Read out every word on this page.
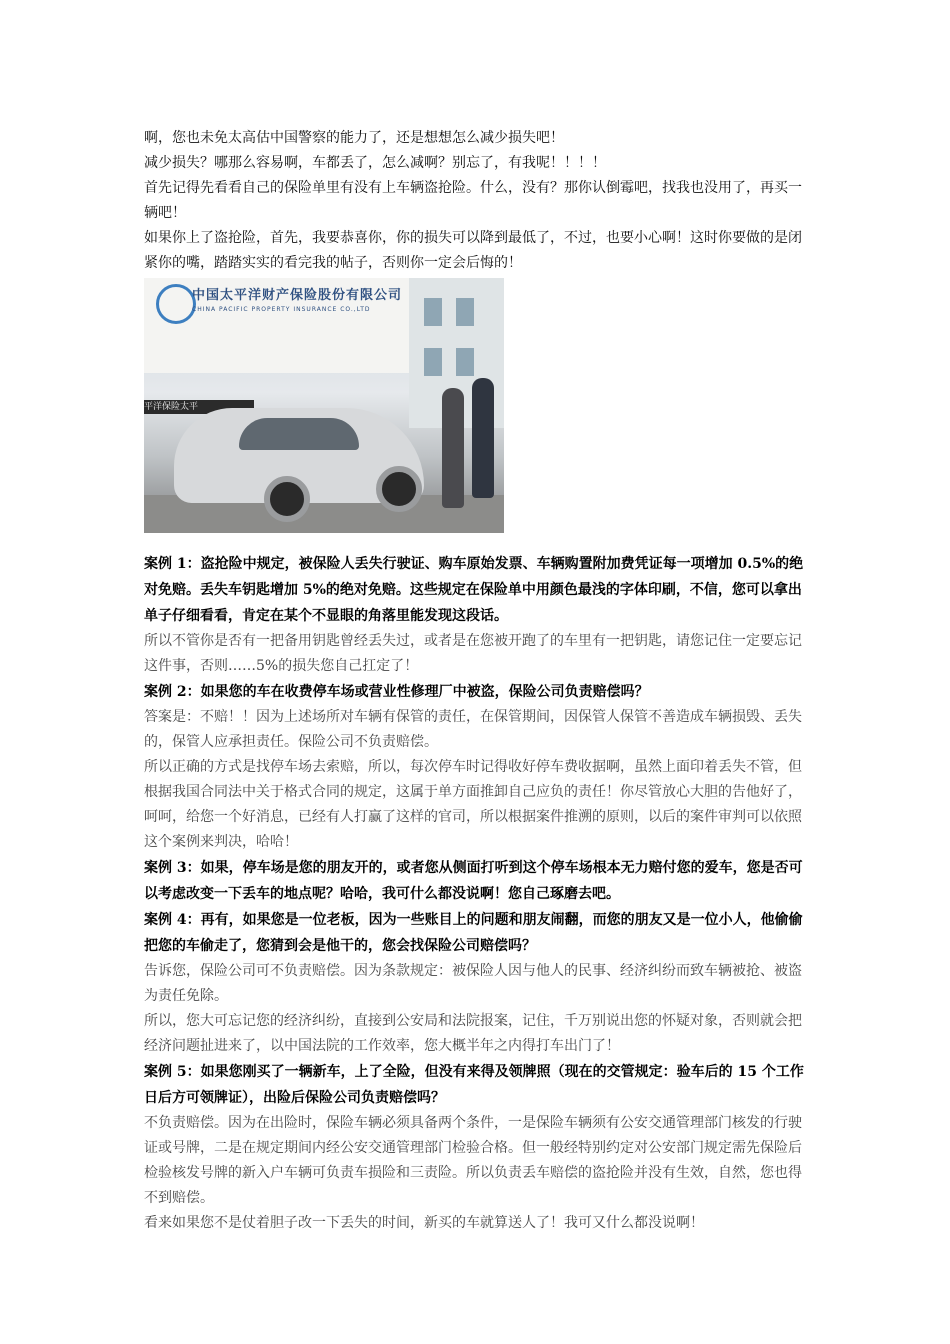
啊，您也未免太高估中国警察的能力了，还是想想怎么减少损失吧！

减少损失？哪那么容易啊，车都丢了，怎么减啊？别忘了，有我呢！！！！

首先记得先看看自己的保险单里有没有上车辆盗抢险。什么，没有？那你认倒霉吧，找我也没用了，再买一辆吧！

如果你上了盗抢险，首先，我要恭喜你，你的损失可以降到最低了，不过，也要小心啊！这时你要做的是闭紧你的嘴，踏踏实实的看完我的帖子，否则你一定会后悔的！

中国太平洋财产保险股份有限公司
CHINA PACIFIC PROPERTY INSURANCE CO.,LTD
平洋保险太平

案例 1：盗抢险中规定，被保险人丢失行驶证、购车原始发票、车辆购置附加费凭证每一项增加 0.5%的绝对免赔。丢失车钥匙增加 5%的绝对免赔。这些规定在保险单中用颜色最浅的字体印刷，不信，您可以拿出单子仔细看看，肯定在某个不显眼的角落里能发现这段话。

所以不管你是否有一把备用钥匙曾经丢失过，或者是在您被开跑了的车里有一把钥匙，请您记住一定要忘记这件事，否则……5%的损失您自己扛定了！

案例 2：如果您的车在收费停车场或营业性修理厂中被盗，保险公司负责赔偿吗？

答案是：不赔！！因为上述场所对车辆有保管的责任，在保管期间，因保管人保管不善造成车辆损毁、丢失的，保管人应承担责任。保险公司不负责赔偿。

所以正确的方式是找停车场去索赔，所以，每次停车时记得收好停车费收据啊，虽然上面印着丢失不管，但根据我国合同法中关于格式合同的规定，这属于单方面推卸自己应负的责任！你尽管放心大胆的告他好了，呵呵，给您一个好消息，已经有人打赢了这样的官司，所以根据案件推溯的原则，以后的案件审判可以依照这个案例来判决，哈哈！

案例 3：如果，停车场是您的朋友开的，或者您从侧面打听到这个停车场根本无力赔付您的爱车，您是否可以考虑改变一下丢车的地点呢？哈哈，我可什么都没说啊！您自己琢磨去吧。

案例 4：再有，如果您是一位老板，因为一些账目上的问题和朋友闹翻，而您的朋友又是一位小人，他偷偷把您的车偷走了，您猜到会是他干的，您会找保险公司赔偿吗？

告诉您，保险公司可不负责赔偿。因为条款规定：被保险人因与他人的民事、经济纠纷而致车辆被抢、被盗为责任免除。

所以，您大可忘记您的经济纠纷，直接到公安局和法院报案，记住，千万别说出您的怀疑对象，否则就会把经济问题扯进来了，以中国法院的工作效率，您大概半年之内得打车出门了！

案例 5：如果您刚买了一辆新车，上了全险，但没有来得及领牌照（现在的交管规定：验车后的 15 个工作日后方可领牌证），出险后保险公司负责赔偿吗？

不负责赔偿。因为在出险时，保险车辆必须具备两个条件，一是保险车辆须有公安交通管理部门核发的行驶证或号牌，二是在规定期间内经公安交通管理部门检验合格。但一般经特别约定对公安部门规定需先保险后检验核发号牌的新入户车辆可负责车损险和三责险。所以负责丢车赔偿的盗抢险并没有生效，自然，您也得不到赔偿。

看来如果您不是仗着胆子改一下丢失的时间，新买的车就算送人了！我可又什么都没说啊！
